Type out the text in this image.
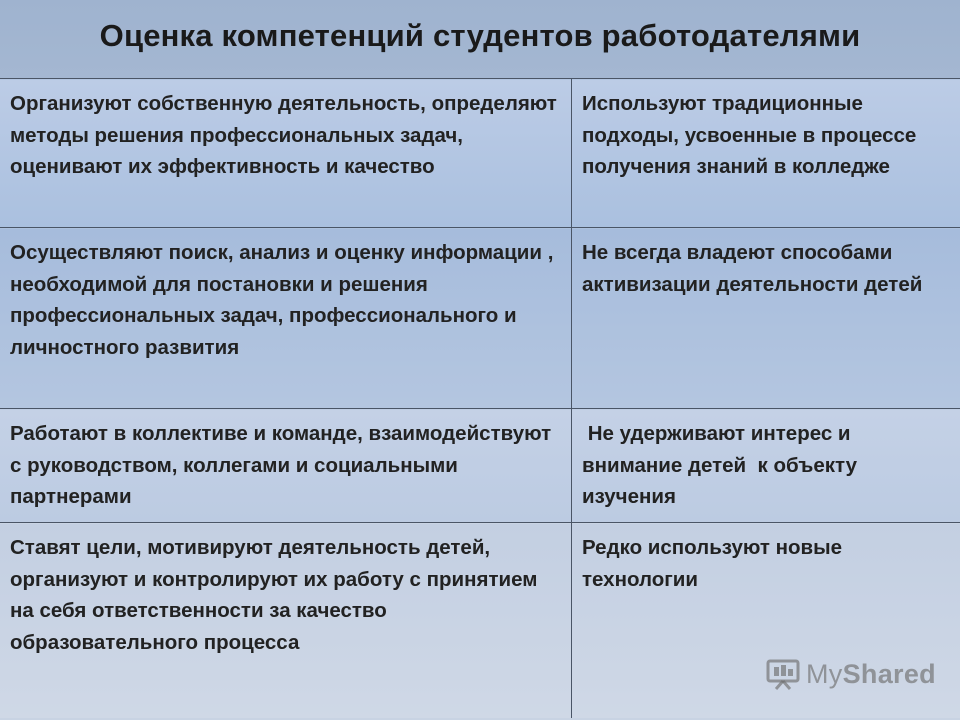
Оценка компетенций студентов работодателями
Организуют собственную деятельность, определяют методы решения профессиональных задач, оценивают их эффективность и качество	Используют традиционные подходы, усвоенные в процессе получения знаний в колледже
Осуществляют поиск, анализ и оценку информации , необходимой для постановки и решения профессиональных задач, профессионального и личностного развития	Не всегда владеют способами активизации деятельности детей
Работают в коллективе и команде, взаимодействуют с руководством, коллегами и социальными партнерами	Не удерживают интерес и внимание детей  к объекту изучения
Ставят цели, мотивируют деятельность детей, организуют и контролируют их работу с принятием на себя ответственности за качество образовательного процесса	Редко используют новые технологии
My Shared
